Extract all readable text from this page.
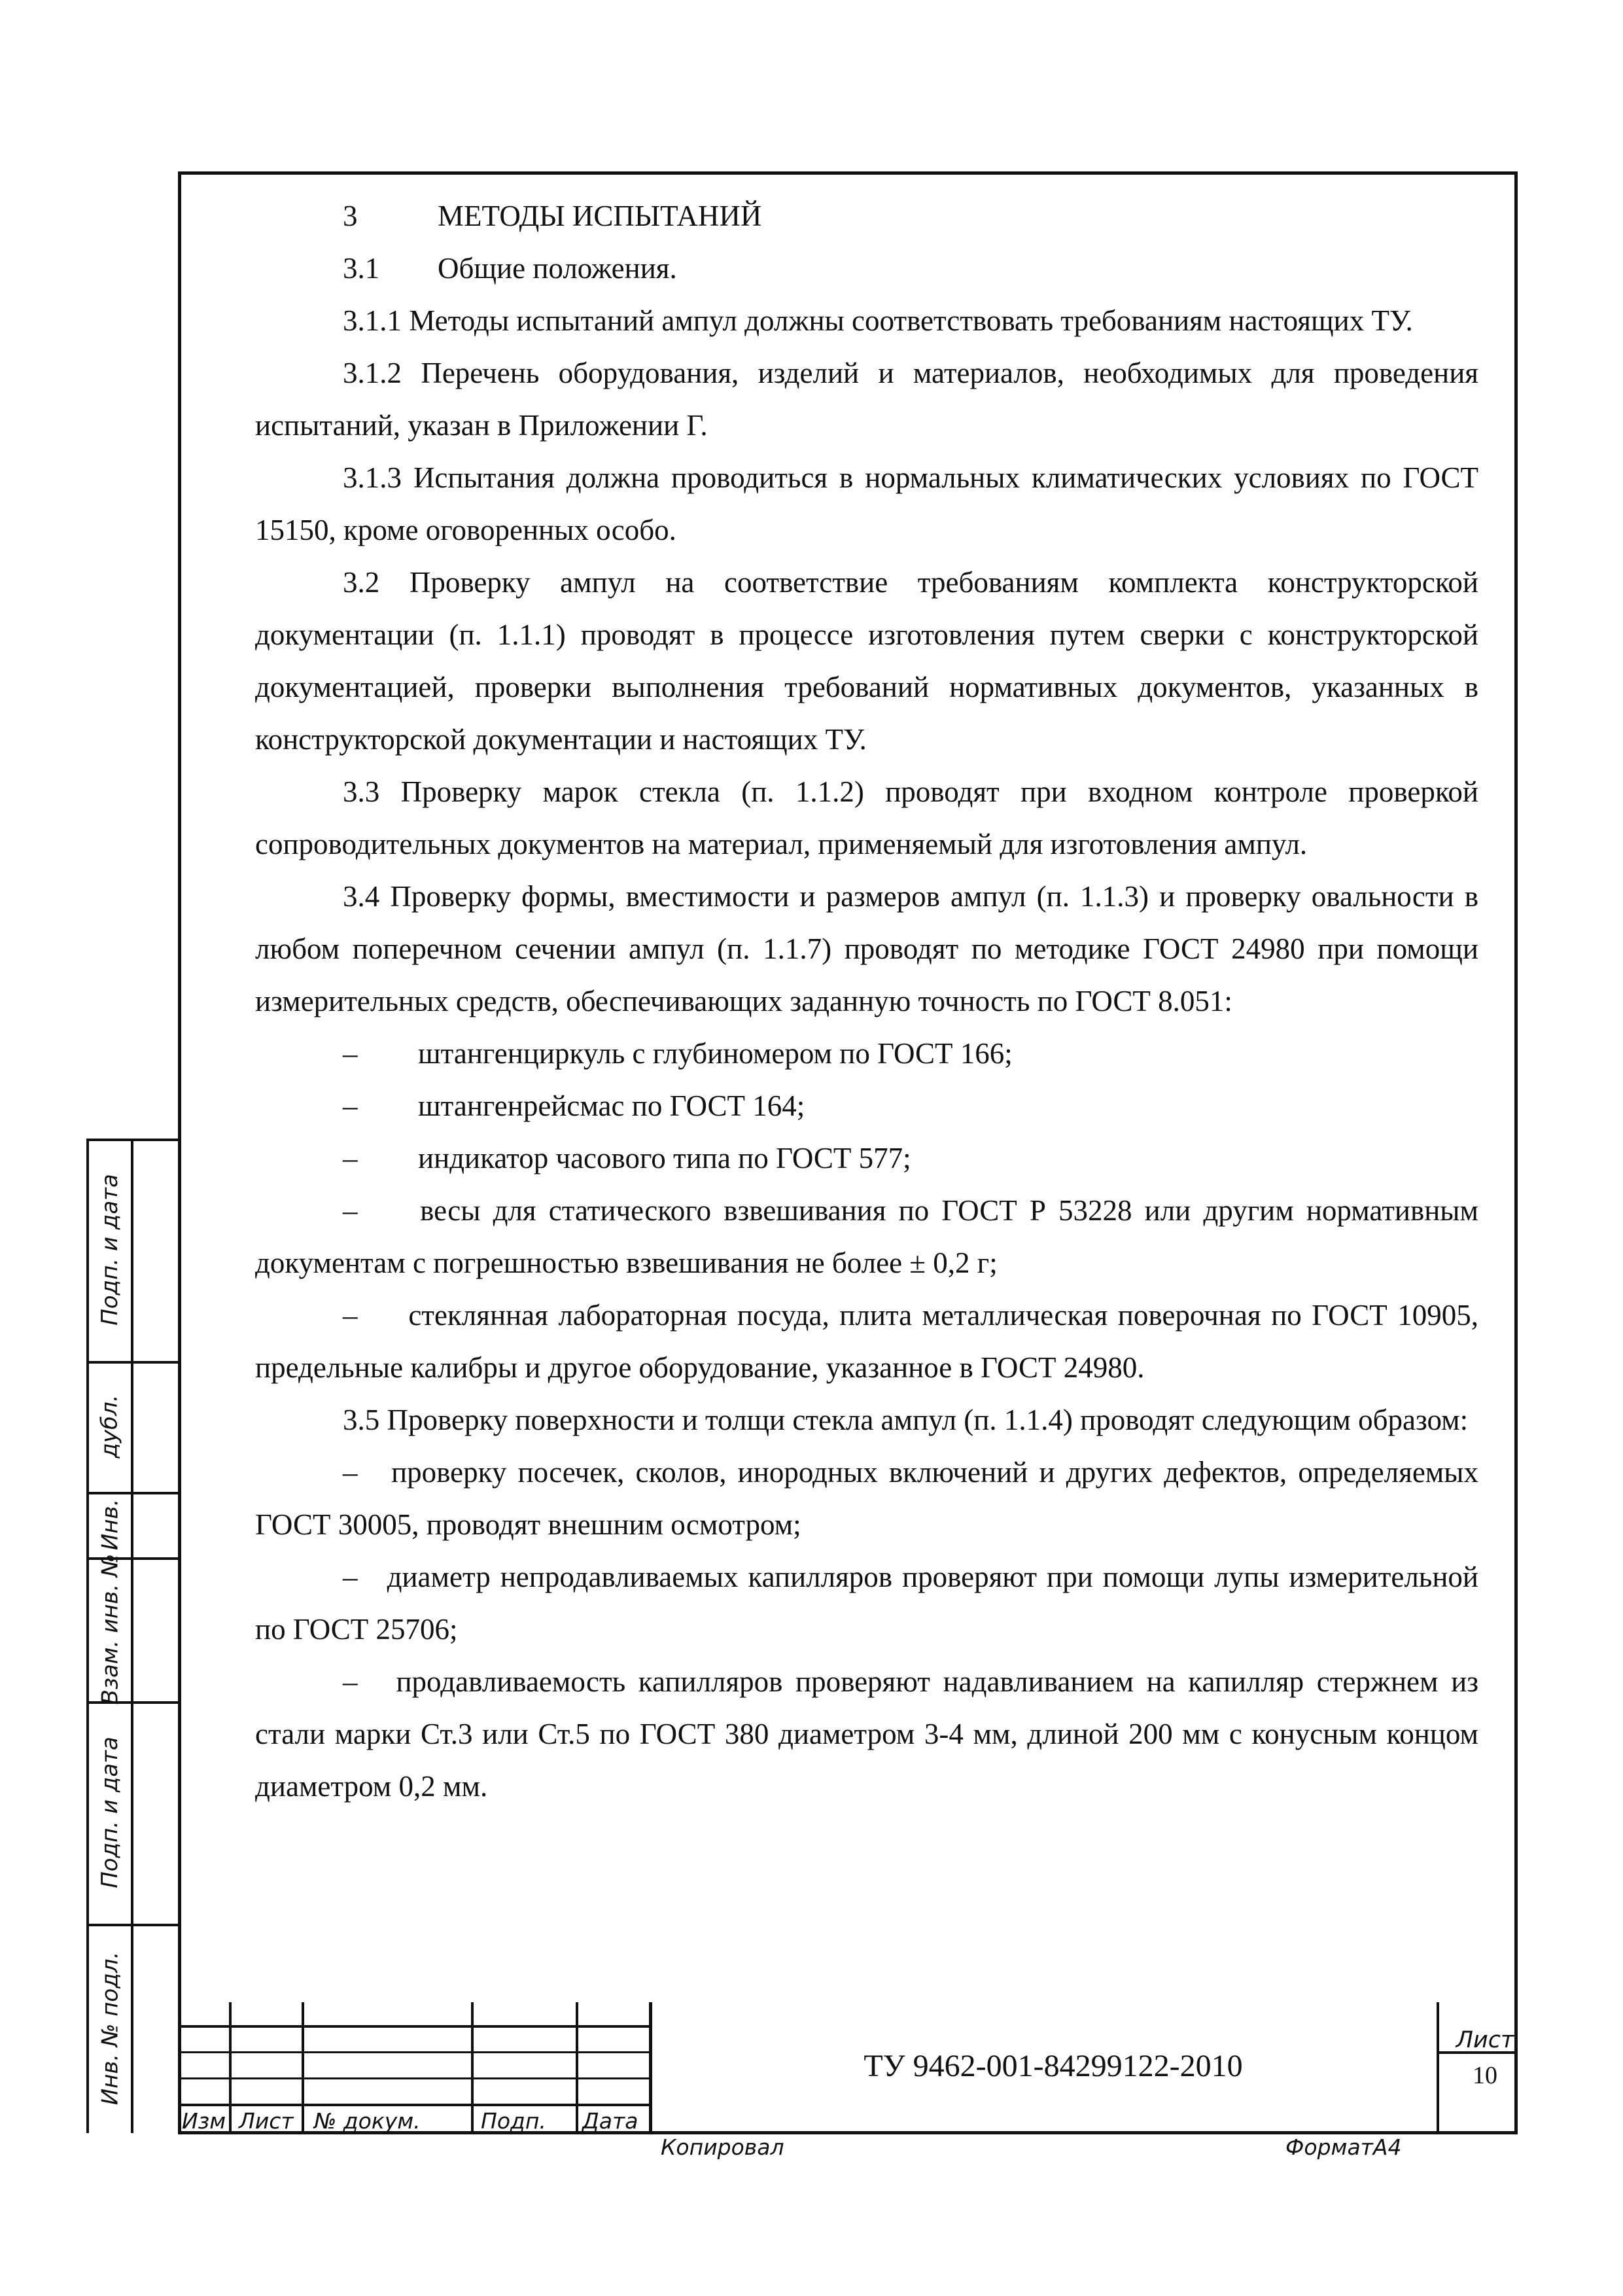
3	МЕТОДЫ ИСПЫТАНИЙ
3.1	Общие положения.

3.1.1 Методы испытаний ампул должны соответствовать требованиям настоящих ТУ.

3.1.2 Перечень оборудования, изделий и материалов, необходимых для проведения испытаний, указан в Приложении Г.

3.1.3 Испытания должна проводиться в нормальных климатических условиях по ГОСТ 15150, кроме оговоренных особо.

3.2 Проверку ампул на соответствие требованиям комплекта конструкторской документации (п. 1.1.1) проводят в процессе изготовления путем сверки с конструкторской документацией, проверки выполнения требований нормативных документов, указанных в конструкторской документации и настоящих ТУ.

3.3 Проверку марок стекла (п. 1.1.2) проводят при входном контроле проверкой сопроводительных документов на материал, применяемый для изготовления ампул.

3.4 Проверку формы, вместимости и размеров ампул (п. 1.1.3) и проверку овальности в любом поперечном сечении ампул (п. 1.1.7) проводят по методике ГОСТ 24980 при помощи измерительных средств, обеспечивающих заданную точность по ГОСТ 8.051:

–	штангенциркуль с глубиномером по ГОСТ 166;
–	штангенрейсмас по ГОСТ 164;
–	индикатор часового типа по ГОСТ 577;

– весы для статического взвешивания по ГОСТ Р 53228 или другим нормативным документам с погрешностью взвешивания не более ± 0,2 г;

– стеклянная лабораторная посуда, плита металлическая поверочная по ГОСТ 10905, предельные калибры и другое оборудование, указанное в ГОСТ 24980.

3.5 Проверку поверхности и толщи стекла ампул (п. 1.1.4) проводят следующим образом:

– проверку посечек, сколов, инородных включений и других дефектов, определяемых ГОСТ 30005, проводят внешним осмотром;

– диаметр непродавливаемых капилляров проверяют при помощи лупы измерительной по ГОСТ 25706;

– продавливаемость капилляров проверяют надавливанием на капилляр стержнем из стали марки Ст.3 или Ст.5 по ГОСТ 380 диаметром 3-4 мм, длиной 200 мм с конусным концом диаметром 0,2 мм.

Подп. и дата
дубл.
Инв.
Взам. инв. №
Подп. и дата
Инв. № подл.
Изм Лист № докум.	Подп. Дата
ТУ 9462-001-84299122-2010
Лист
10
Копировал	ФорматА4
